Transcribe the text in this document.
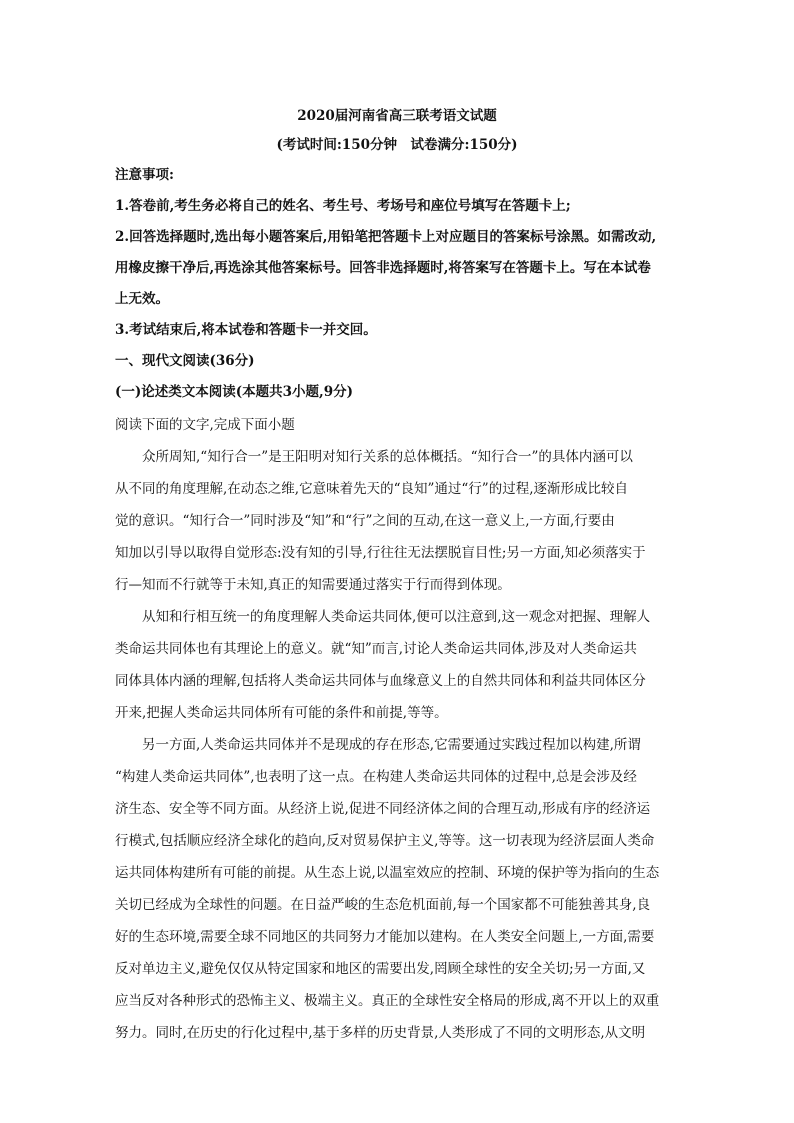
2020届河南省高三联考语文试题
(考试时间:150分钟　试卷满分:150分)
注意事项:
1.答卷前,考生务必将自己的姓名、考生号、考场号和座位号填写在答题卡上;
2.回答选择题时,选出每小题答案后,用铅笔把答题卡上对应题目的答案标号涂黑。如需改动,
用橡皮擦干净后,再选涂其他答案标号。回答非选择题时,将答案写在答题卡上。写在本试卷
上无效。
3.考试结束后,将本试卷和答题卡一并交回。
一、现代文阅读(36分)
(一)论述类文本阅读(本题共3小题,9分)
阅读下面的文字,完成下面小题
众所周知,“知行合一”是王阳明对知行关系的总体概括。“知行合一”的具体内涵可以
从不同的角度理解,在动态之维,它意味着先天的“良知”通过“行”的过程,逐渐形成比较自
觉的意识。“知行合一”同时涉及“知”和“行”之间的互动,在这一意义上,一方面,行要由
知加以引导以取得自觉形态:没有知的引导,行往往无法摆脱盲目性;另一方面,知必须落实于
行—知而不行就等于未知,真正的知需要通过落实于行而得到体现。
从知和行相互统一的角度理解人类命运共同体,便可以注意到,这一观念对把握、理解人
类命运共同体也有其理论上的意义。就“知”而言,讨论人类命运共同体,涉及对人类命运共
同体具体内涵的理解,包括将人类命运共同体与血缘意义上的自然共同体和利益共同体区分
开来,把握人类命运共同体所有可能的条件和前提,等等。
另一方面,人类命运共同体并不是现成的存在形态,它需要通过实践过程加以构建,所谓
“构建人类命运共同体”,也表明了这一点。在构建人类命运共同体的过程中,总是会涉及经
济生态、安全等不同方面。从经济上说,促进不同经济体之间的合理互动,形成有序的经济运
行模式,包括顺应经济全球化的趋向,反对贸易保护主义,等等。这一切表现为经济层面人类命
运共同体构建所有可能的前提。从生态上说,以温室效应的控制、环境的保护等为指向的生态
关切已经成为全球性的问题。在日益严峻的生态危机面前,每一个国家都不可能独善其身,良
好的生态环境,需要全球不同地区的共同努力才能加以建构。在人类安全问题上,一方面,需要
反对单边主义,避免仅仅从特定国家和地区的需要出发,罔顾全球性的安全关切;另一方面,又
应当反对各种形式的恐怖主义、极端主义。真正的全球性安全格局的形成,离不开以上的双重
努力。同时,在历史的行化过程中,基于多样的历史背景,人类形成了不同的文明形态,从文明
